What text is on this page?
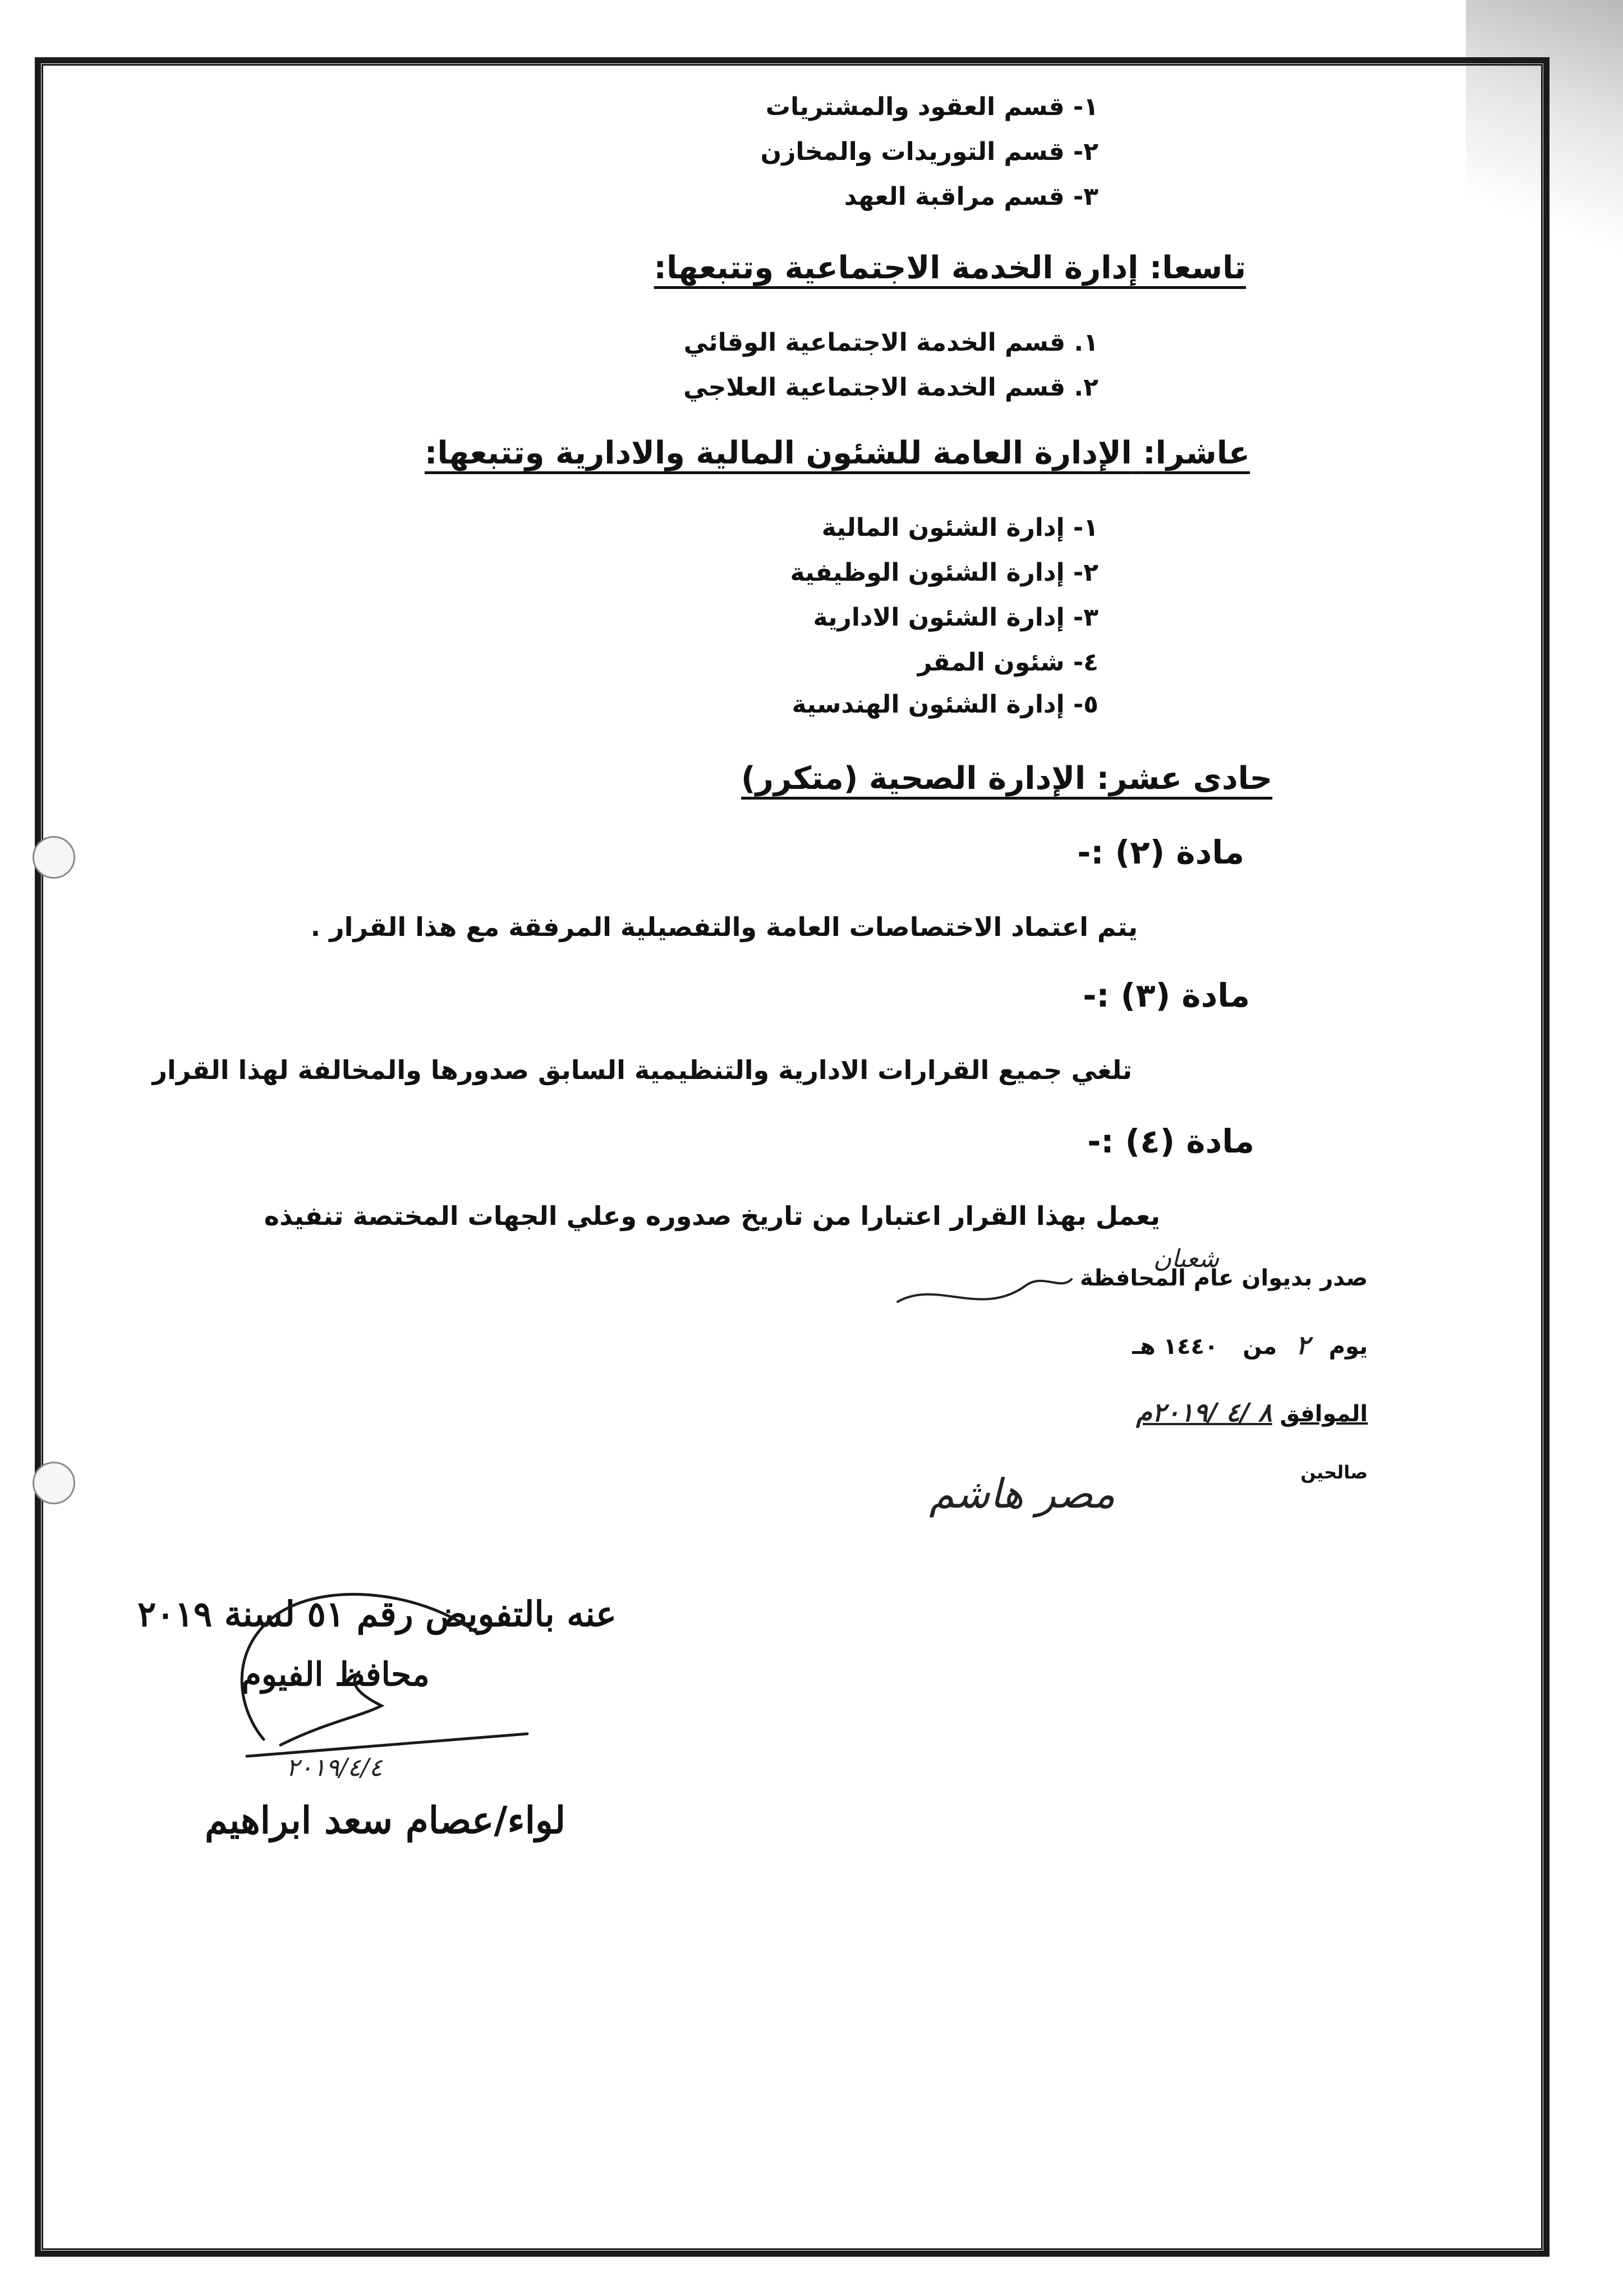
١- قسم العقود والمشتريات
٢- قسم التوريدات والمخازن
٣- قسم مراقبة العهد
تاسعا: إدارة الخدمة الاجتماعية وتتبعها:
١. قسم الخدمة الاجتماعية الوقائي
٢. قسم الخدمة الاجتماعية العلاجي
عاشرا: الإدارة العامة للشئون المالية والادارية وتتبعها:
١- إدارة الشئون المالية
٢- إدارة الشئون الوظيفية
٣- إدارة الشئون الادارية
٤- شئون المقر
٥- إدارة الشئون الهندسية
حادى عشر: الإدارة الصحية (متكرر)
مادة (٢) :-
يتم اعتماد الاختصاصات العامة والتفصيلية المرفقة مع هذا القرار .
مادة (٣) :-
تلغي جميع القرارات الادارية والتنظيمية السابق صدورها والمخالفة لهذا القرار
مادة (٤) :-
يعمل بهذا القرار اعتبارا من تاريخ صدوره وعلي الجهات المختصة تنفيذه
صدر بديوان عام المحافظة
شعبان
يوم ٢ من ١٤٤٠ هـ
الموافق ٨ /٤ /٢٠١٩م
صالحين
مصر هاشم
عنه بالتفويض رقم ٥١ لسنة ٢٠١٩
محافظ الفيوم
٢٠١٩/٤/٤
لواء/عصام سعد ابراهيم
